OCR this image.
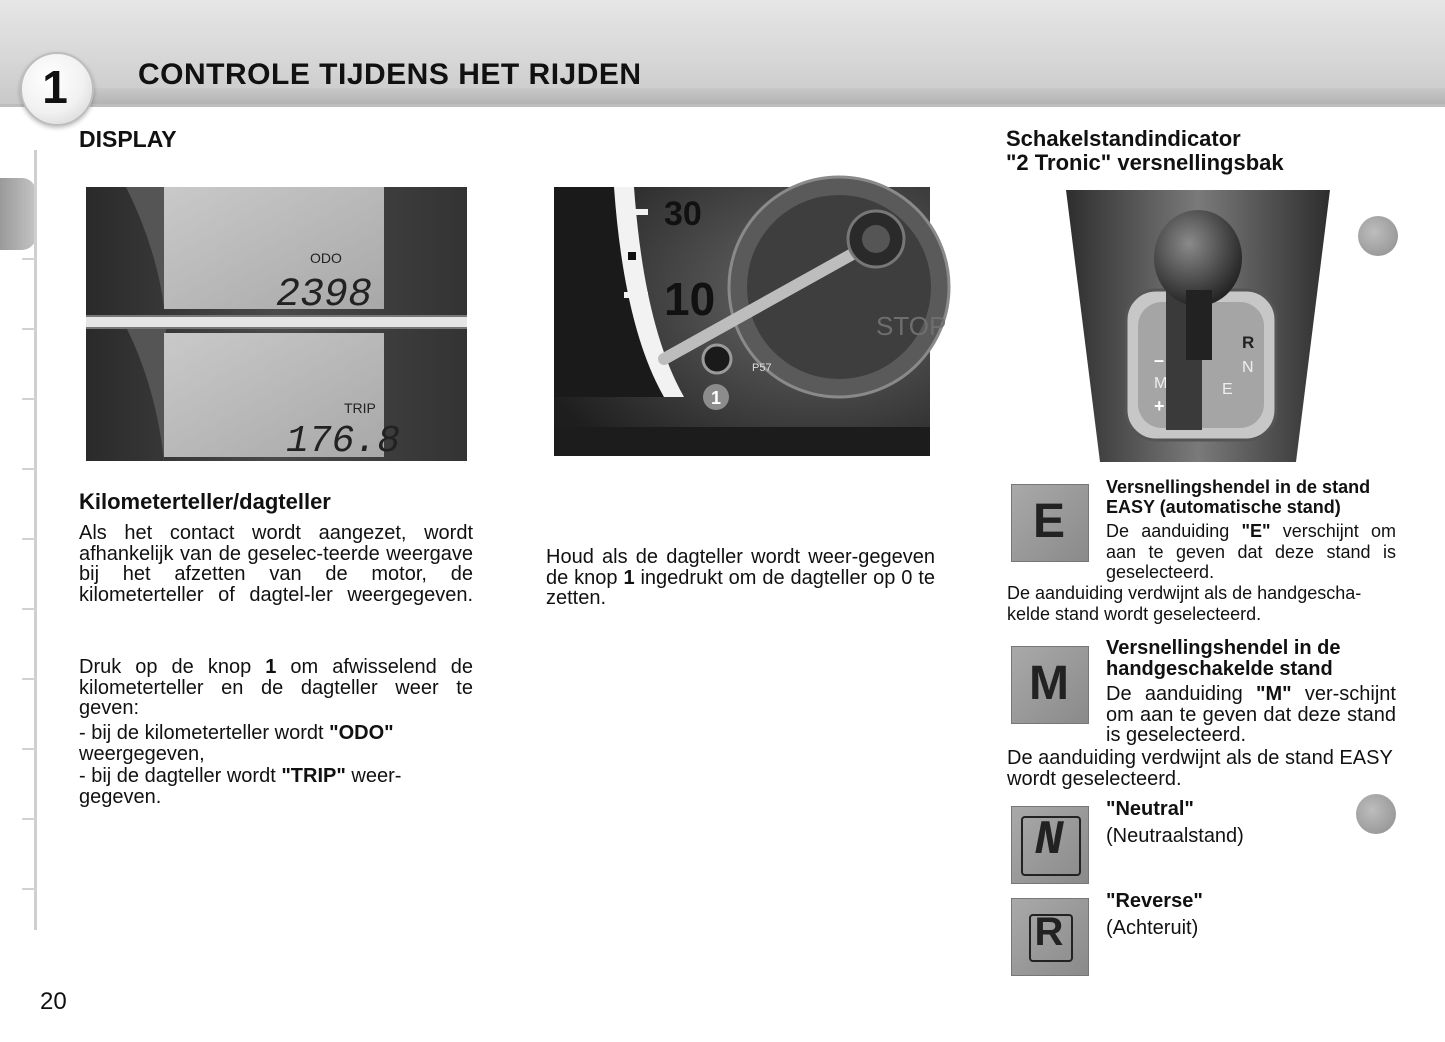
1	CONTROLE TIJDENS HET RIJDEN
DISPLAY
ODO
2398
TRIP
176.8
Kilometerteller/dagteller
Als het contact wordt aangezet, wordt afhankelijk van de geselec-teerde weergave bij het afzetten van de motor, de kilometerteller of dagtel-ler weergegeven.
Druk op de knop 1 om afwisselend de kilometerteller en de dagteller weer te geven:
- bij de kilometerteller wordt "ODO" weergegeven,
- bij de dagteller wordt "TRIP" weer-gegeven.
30
10
STOP
P57
1
Houd als de dagteller wordt weer-gegeven de knop 1 ingedrukt om de dagteller op 0 te zetten.
Schakelstandindicator
"2 Tronic" versnellingsbak
R
N
M	E
–
+
E
Versnellingshendel in de stand
EASY (automatische stand)
De aanduiding "E" verschijnt om aan te geven dat deze stand is geselecteerd.
De aanduiding verdwijnt als de handgescha-kelde stand wordt geselecteerd.
M
Versnellingshendel in de
handgeschakelde stand
De aanduiding "M" ver-schijnt om aan te geven dat deze stand is geselecteerd.
De aanduiding verdwijnt als de stand EASY wordt geselecteerd.
N
"Neutral"
(Neutraalstand)
R
"Reverse"
(Achteruit)
20
